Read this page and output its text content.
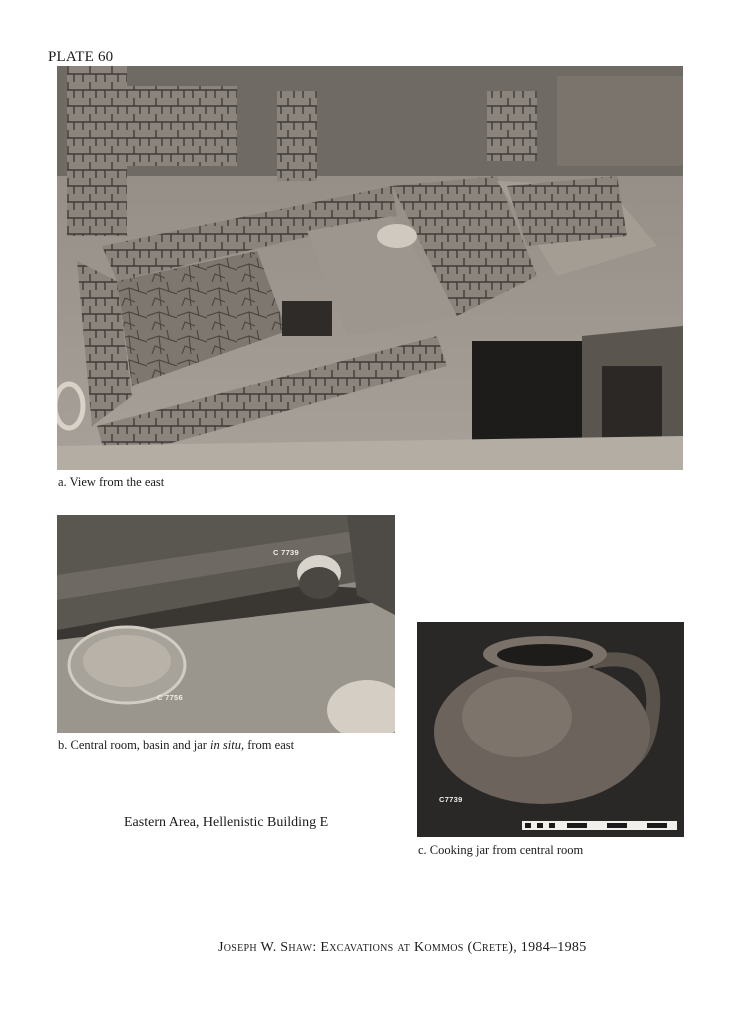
PLATE 60
a. View from the east
C 7739
C 7756
b. Central room, basin and jar in situ, from east
C7739
c. Cooking jar from central room
Eastern Area, Hellenistic Building E
Joseph W. Shaw: Excavations at Kommos (Crete), 1984–1985
